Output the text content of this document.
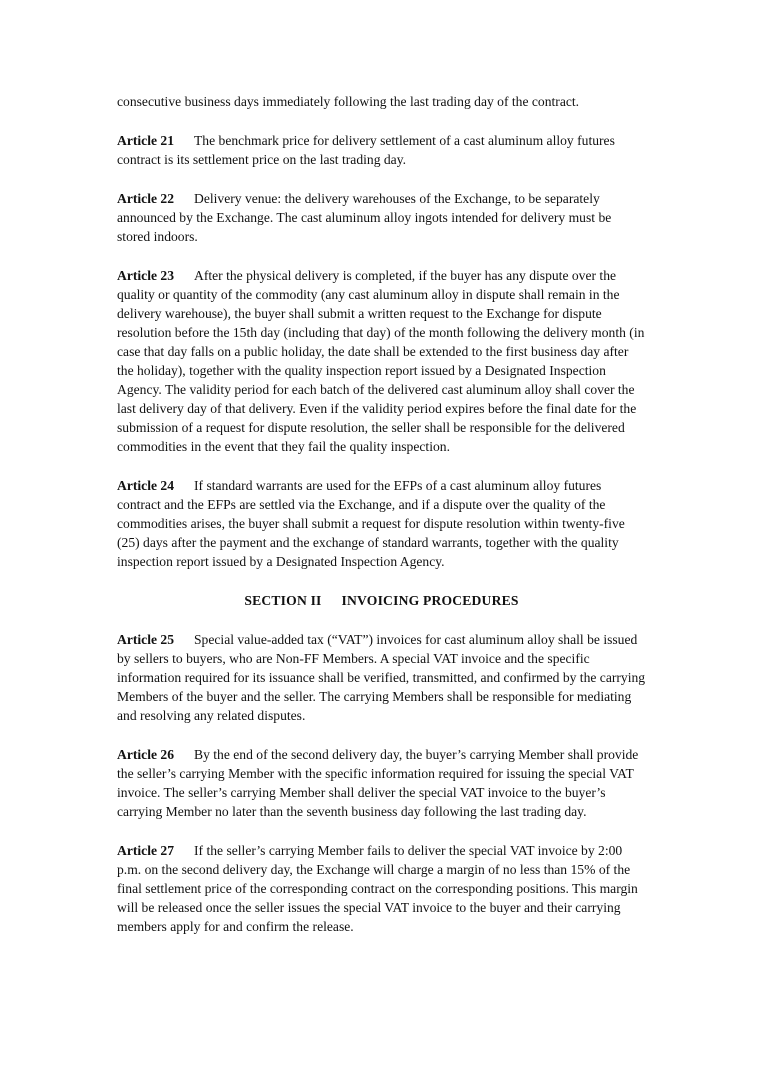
consecutive business days immediately following the last trading day of the contract.

Article 21 The benchmark price for delivery settlement of a cast aluminum alloy futures contract is its settlement price on the last trading day.

Article 22 Delivery venue: the delivery warehouses of the Exchange, to be separately announced by the Exchange. The cast aluminum alloy ingots intended for delivery must be stored indoors.

Article 23 After the physical delivery is completed, if the buyer has any dispute over the quality or quantity of the commodity (any cast aluminum alloy in dispute shall remain in the delivery warehouse), the buyer shall submit a written request to the Exchange for dispute resolution before the 15th day (including that day) of the month following the delivery month (in case that day falls on a public holiday, the date shall be extended to the first business day after the holiday), together with the quality inspection report issued by a Designated Inspection Agency. The validity period for each batch of the delivered cast aluminum alloy shall cover the last delivery day of that delivery. Even if the validity period expires before the final date for the submission of a request for dispute resolution, the seller shall be responsible for the delivered commodities in the event that they fail the quality inspection.

Article 24 If standard warrants are used for the EFPs of a cast aluminum alloy futures contract and the EFPs are settled via the Exchange, and if a dispute over the quality of the commodities arises, the buyer shall submit a request for dispute resolution within twenty-five (25) days after the payment and the exchange of standard warrants, together with the quality inspection report issued by a Designated Inspection Agency.

SECTION II INVOICING PROCEDURES

Article 25 Special value-added tax (“VAT”) invoices for cast aluminum alloy shall be issued by sellers to buyers, who are Non-FF Members. A special VAT invoice and the specific information required for its issuance shall be verified, transmitted, and confirmed by the carrying Members of the buyer and the seller. The carrying Members shall be responsible for mediating and resolving any related disputes.

Article 26 By the end of the second delivery day, the buyer’s carrying Member shall provide the seller’s carrying Member with the specific information required for issuing the special VAT invoice. The seller’s carrying Member shall deliver the special VAT invoice to the buyer’s carrying Member no later than the seventh business day following the last trading day.

Article 27 If the seller’s carrying Member fails to deliver the special VAT invoice by 2:00 p.m. on the second delivery day, the Exchange will charge a margin of no less than 15% of the final settlement price of the corresponding contract on the corresponding positions. This margin will be released once the seller issues the special VAT invoice to the buyer and their carrying members apply for and confirm the release.
